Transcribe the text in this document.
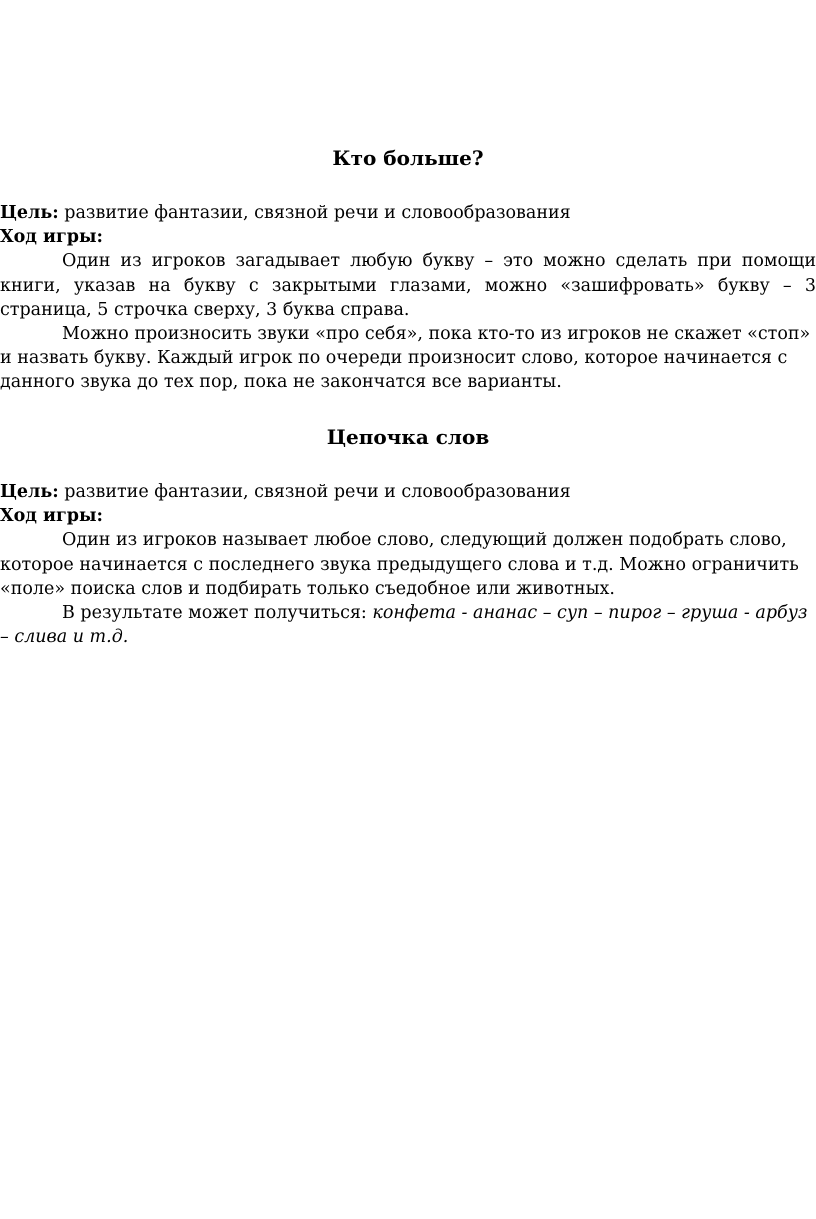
Кто больше?

Цель: развитие фантазии, связной речи и словообразования

Ход игры:

Один из игроков загадывает любую букву – это можно сделать при помощи книги, указав на букву с закрытыми глазами, можно «зашифровать» букву – 3 страница, 5 строчка сверху, 3 буква справа.

Можно произносить звуки «про себя», пока кто-то из игроков не скажет «стоп» и назвать букву. Каждый игрок по очереди произносит слово, которое начинается с данного звука до тех пор, пока не закончатся все варианты.

Цепочка слов

Цель: развитие фантазии, связной речи и словообразования

Ход игры:

Один из игроков называет любое слово, следующий должен подобрать слово, которое начинается с последнего звука предыдущего слова и т.д. Можно ограничить «поле» поиска слов и подбирать только съедобное или животных.

В результате может получиться: конфета - ананас – суп – пирог – груша - арбуз – слива и т.д.
